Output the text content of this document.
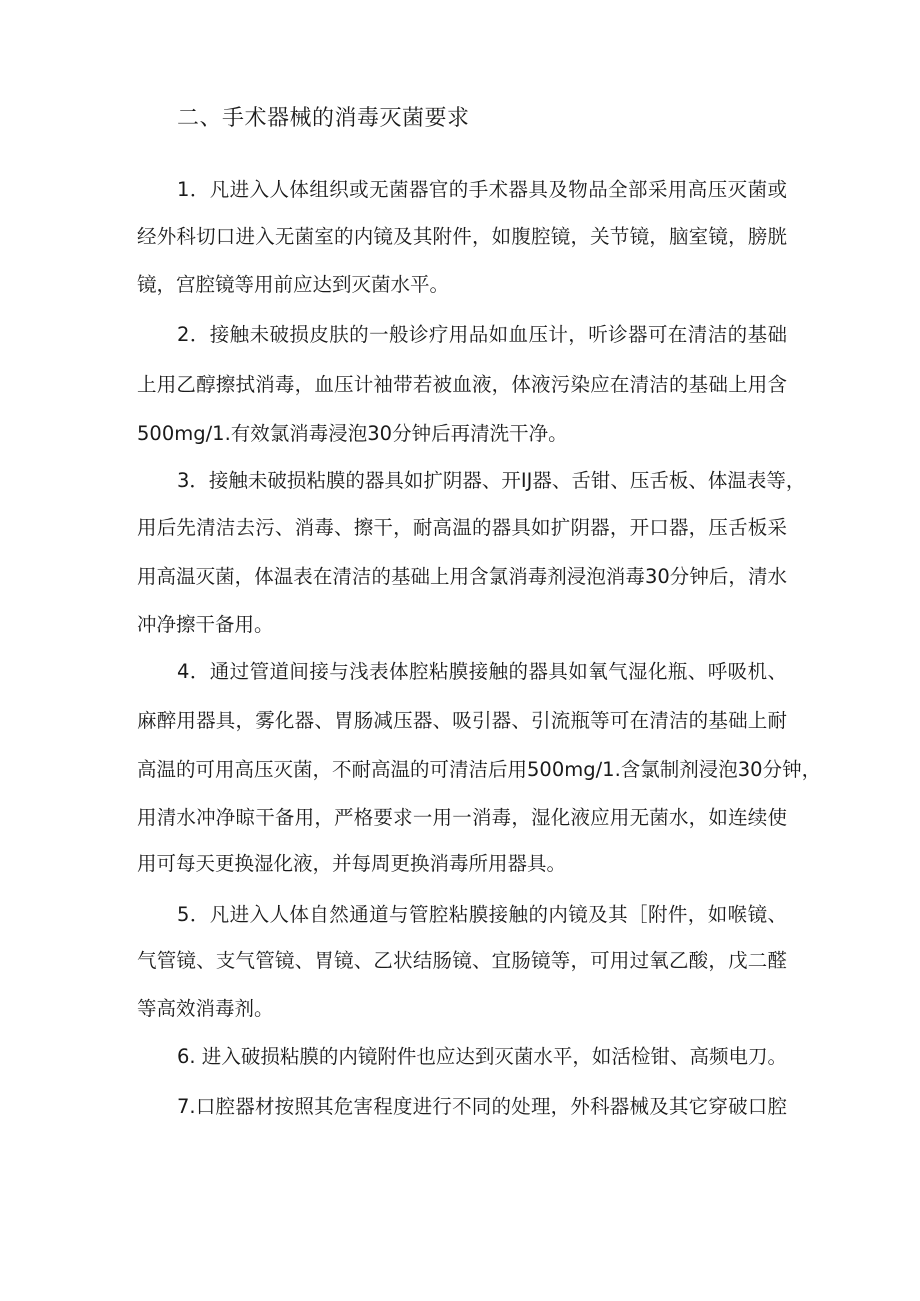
二、手术器械的消毒灭菌要求
1．凡进入人体组织或无菌器官的手术器具及物品全部采用高压灭菌或
经外科切口进入无菌室的内镜及其附件，如腹腔镜，关节镜，脑室镜，膀胱
镜，宫腔镜等用前应达到灭菌水平。
2．接触未破损皮肤的一般诊疗用品如血压计，听诊器可在清洁的基础
上用乙醇擦拭消毒，血压计袖带若被血液，体液污染应在清洁的基础上用含
500mg∕1.有效氯消毒浸泡30分钟后再清洗干净。
3．接触未破损粘膜的器具如扩阴器、开IJ器、舌钳、压舌板、体温表等，
用后先清洁去污、消毒、擦干，耐高温的器具如扩阴器，开口器，压舌板采
用高温灭菌，体温表在清洁的基础上用含氯消毒剂浸泡消毒30分钟后，清水
冲净擦干备用。
4．通过管道间接与浅表体腔粘膜接触的器具如氧气湿化瓶、呼吸机、
麻醉用器具，雾化器、胃肠减压器、吸引器、引流瓶等可在清洁的基础上耐
高温的可用高压灭菌，不耐高温的可清洁后用500mg∕1.含氯制剂浸泡30分钟，
用清水冲净晾干备用，严格要求一用一消毒，湿化液应用无菌水，如连续使
用可每天更换湿化液，并每周更换消毒所用器具。
5．凡进入人体自然通道与管腔粘膜接触的内镜及其［附件，如喉镜、
气管镜、支气管镜、胃镜、乙状结肠镜、宜肠镜等，可用过氧乙酸，戊二醛
等高效消毒剂。
6. 进入破损粘膜的内镜附件也应达到灭菌水平，如活检钳、高频电刀。
7.口腔器材按照其危害程度进行不同的处理，外科器械及其它穿破口腔
